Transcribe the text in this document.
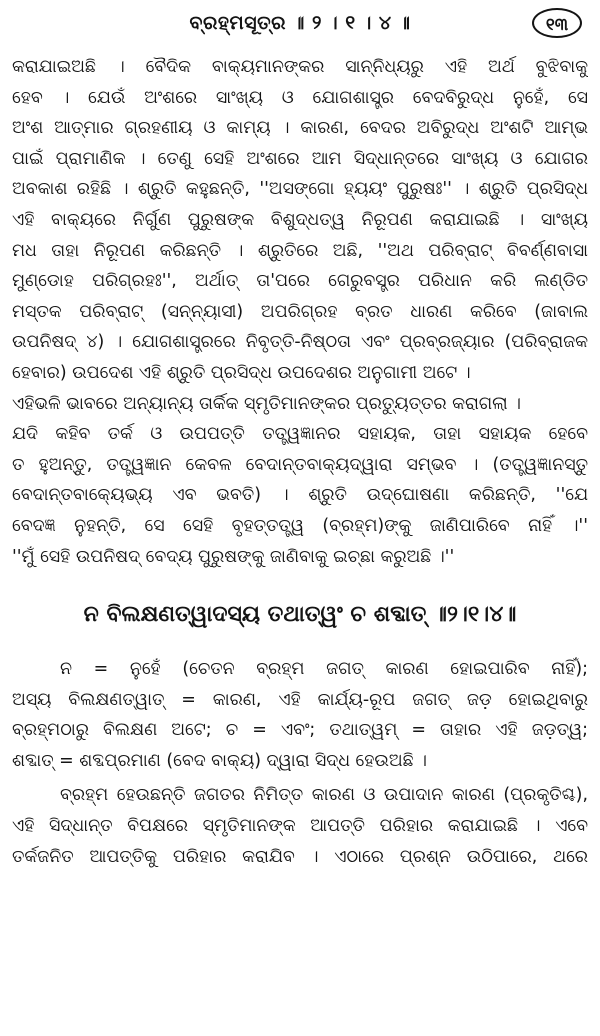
ବ୍ରହ୍ମସୂତ୍ର ॥ ୨ । ୧ । ୪ ॥	୧୩
କରାଯାଇଅଛି । ବୈଦିକ ବାକ୍ୟମାନଙ୍କର ସାନ୍ନିଧ୍ୟରୁ ଏହି ଅର୍ଥ ବୁଝିବାକୁ
ହେବ । ଯେଉଁ ଅଂଶରେ ସାଂଖ୍ୟ ଓ ଯୋଗଶାସ୍ତ୍ର ବେଦବିରୁଦ୍ଧ ନୁହେଁ, ସେ
ଅଂଶ ଆତ୍ମାର ଗ୍ରହଣୀୟ ଓ କାମ୍ୟ । କାରଣ, ବେଦର ଅବିରୁଦ୍ଧ ଅଂଶଟି ଆମ୍ଭ
ପାଇଁ ପ୍ରାମାଣିକ । ତେଣୁ ସେହି ଅଂଶରେ ଆମ ସିଦ୍ଧାନ୍ତରେ ସାଂଖ୍ୟ ଓ ଯୋଗର
ଅବକାଶ ରହିଛି । ଶ୍ରୁତି କହୁଛନ୍ତି, ''ଅସଙ୍ଗୋ ହ୍ୟୟଂ ପୁରୁଷଃ'' । ଶ୍ରୁତି ପ୍ରସିଦ୍ଧ
ଏହି ବାକ୍ୟରେ ନିର୍ଗୁଣ ପୁରୁଷଙ୍କ ବିଶୁଦ୍ଧତ୍ୱ ନିରୂପଣ କରାଯାଇଛି । ସାଂଖ୍ୟ
ମଧ ତାହା ନିରୂପଣ କରିଛନ୍ତି । ଶ୍ରୁତିରେ ଅଛି, ''ଅଥ ପରିବ୍ରାଟ୍ ବିବର୍ଣ୍ଣବାସା
ମୁଣ୍ଡୋହ ପରିଗ୍ରହଃ'', ଅର୍ଥାତ୍ ତା'ପରେ ଗେରୁବସ୍ତ୍ର ପରିଧାନ କରି ଲଣ୍ଡିତ
ମସ୍ତକ ପରିବ୍ରାଟ୍ (ସନ୍ନ୍ୟାସୀ) ଅପରିଗ୍ରହ ବ୍ରତ ଧାରଣ କରିବେ (ଜାବାଲ
ଉପନିଷଦ୍ ୪) । ଯୋଗଶାସ୍ତ୍ରରେ ନିବୃତ୍ତି-ନିଷ୍ଠତା ଏବଂ ପ୍ରବ୍ରଜ୍ୟାର (ପରିବ୍ରାଜକ
ହେବାର) ଉପଦେଶ ଏହି ଶ୍ରୁତି ପ୍ରସିଦ୍ଧ ଉପଦେଶର ଅନୁଗାମୀ ଅଟେ ।
ଏହିଭଳି ଭାବରେ ଅନ୍ୟାନ୍ୟ ତାର୍କିକ ସ୍ମୃତିମାନଙ୍କର ପ୍ରତ୍ୟୁତ୍ତର କରାଗଲା ।
ଯଦି କହିବ ତର୍କ ଓ ଉପପତ୍ତି ତତ୍ତ୍ୱଜ୍ଞାନର ସହାୟକ, ତାହା ସହାୟକ ହେବେ
ତ ହୁଅନ୍ତୁ, ତତ୍ତ୍ୱଜ୍ଞାନ କେବଳ ବେଦାନ୍ତବାକ୍ୟଦ୍ୱାରା ସମ୍ଭବ । (ତତ୍ତ୍ୱଜ୍ଞାନସ୍ତୁ
ବେଦାନ୍ତବାକ୍ୟେଭ୍ୟ ଏବ ଭବତି) । ଶ୍ରୁତି ଉଦ୍‌ଘୋଷଣା କରିଛନ୍ତି, ''ଯେ
ବେଦଜ୍ଞ ନୁହନ୍ତି, ସେ ସେହି ବୃହତ୍‌ତତ୍ତ୍ୱ (ବ୍ରହ୍ମ)ଙ୍କୁ ଜାଣିପାରିବେ ନାହିଁ ।''
''ମୁଁ ସେହି ଉପନିଷଦ୍ ବେଦ୍ୟ ପୁରୁଷଙ୍କୁ ଜାଣିବାକୁ ଇଚ୍ଛା କରୁଅଛି ।''
ନ ବିଲକ୍ଷଣତ୍ୱାଦସ୍ୟ ତଥାତ୍ୱଂ ଚ ଶବ୍ଦାତ୍ ॥୨।୧।୪॥
ନ = ନୁହେଁ (ଚେତନ ବ୍ରହ୍ମ ଜଗତ୍ କାରଣ ହୋଇପାରିବ ନାହିଁ);
ଅସ୍ୟ ବିଲକ୍ଷଣତ୍ୱାତ୍ = କାରଣ, ଏହି କାର୍ଯ୍ୟ-ରୂପ ଜଗତ୍ ଜଡ଼ ହୋଇଥିବାରୁ
ବ୍ରହ୍ମଠାରୁ ବିଲକ୍ଷଣ ଅଟେ; ଚ = ଏବଂ; ତଥାତ୍ୱମ୍ = ତାହାର ଏହି ଜଡ଼ତ୍ୱ;
ଶବ୍ଦାତ୍ = ଶବ୍ଦପ୍ରମାଣ (ବେଦ ବାକ୍ୟ) ଦ୍ୱାରା ସିଦ୍ଧ ହେଉଅଛି ।
ବ୍ରହ୍ମ ହେଉଛନ୍ତି ଜଗତର ନିମିତ୍ତ କାରଣ ଓ ଉପାଦାନ କାରଣ (ପ୍ରକୃତିଶ୍ଚ),
ଏହି ସିଦ୍ଧାନ୍ତ ବିପକ୍ଷରେ ସ୍ମୃତିମାନଙ୍କ ଆପତ୍ତି ପରିହାର କରାଯାଇଛି । ଏବେ
ତର୍କଜନିତ ଆପତ୍ତିକୁ ପରିହାର କରାଯିବ । ଏଠାରେ ପ୍ରଶ୍ନ ଉଠିପାରେ, ଥରେ
